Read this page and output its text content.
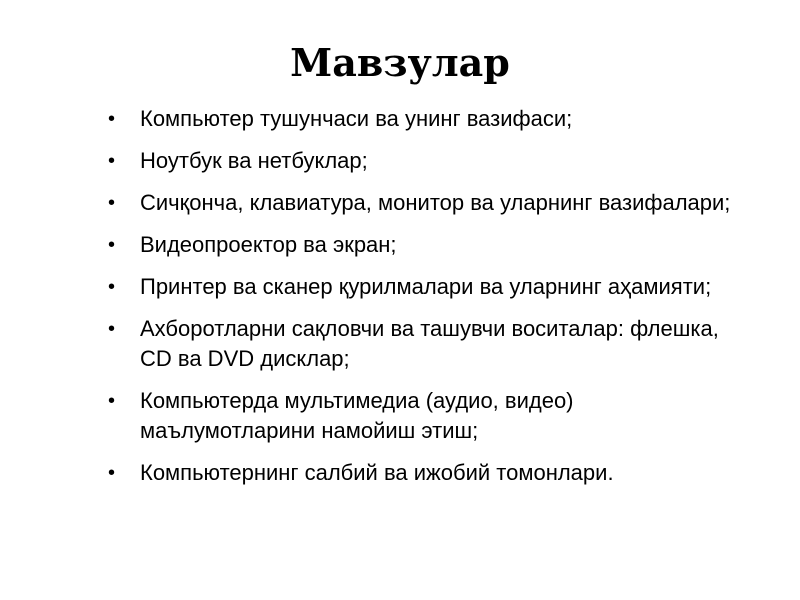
Мавзулар
•	Компьютер тушунчаси ва унинг вазифаси;
•	Ноутбук ва нетбуклар;
•	Сичқонча, клавиатура, монитор ва уларнинг вазифалари;
•	Видеопроектор ва экран;
•	Принтер ва сканер қурилмалари ва уларнинг аҳамияти;
•	Ахборотларни сақловчи ва ташувчи воситалар: флешка, CD ва DVD дисклар;
•	Компьютерда мультимедиа (аудио, видео) маълумотларини намойиш этиш;
•	Компьютернинг салбий ва ижобий томонлари.
